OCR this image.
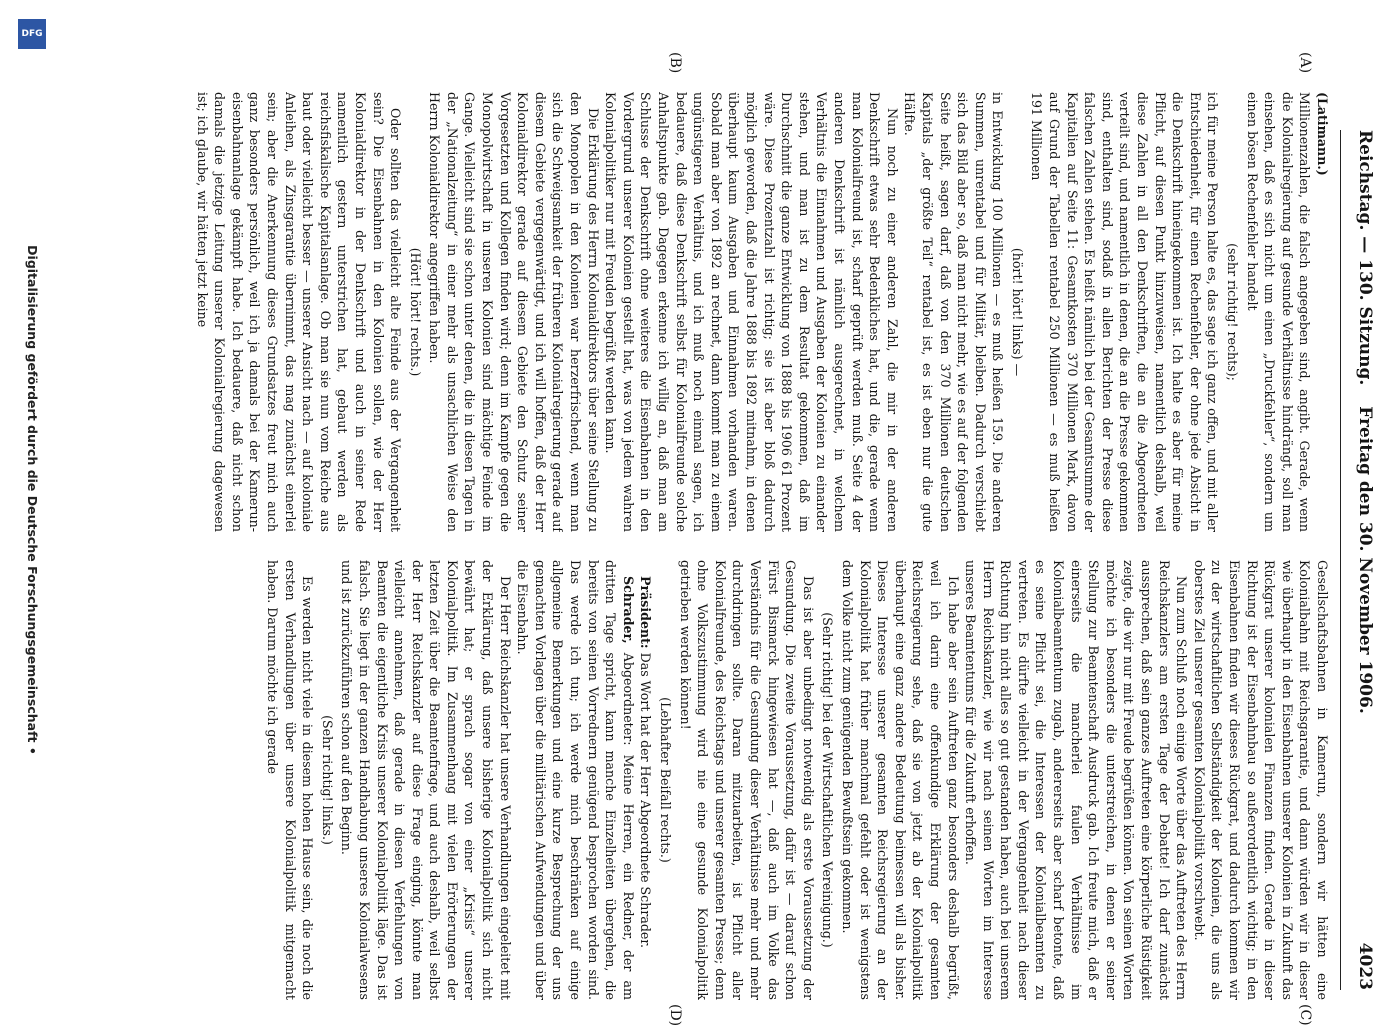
Reichstag. — 130. Sitzung.
Freitag den 30. November 1906.
4023
(A)
(B)
(C)
(D)

(Latimann.)

Millionenzahlen, die falsch angegeben sind, angibt. Gerade, wenn die Kolonialregierung auf gesunde Verhältnisse hindrängt, soll man einsehen, daß es sich nicht um einen „Druckfehler“, sondern um einen bösen Rechenfehler handelt

(sehr richtig! rechts);

ich für meine Person halte es, das sage ich ganz offen, und mit aller Entschiedenheit, für einen Rechenfehler, der ohne jede Absicht in die Denkschrift hineingekommen ist. Ich halte es aber für meine Pflicht, auf diesen Punkt hinzuweisen, namentlich deshalb, weil diese Zahlen in all den Denkschriften, die an die Abgeordneten verteilt sind, und namentlich in denen, die an die Presse gekommen sind, enthalten sind, sodaß in allen Berichten der Presse diese falschen Zahlen stehen. Es heißt nämlich bei der Gesamtsumme der Kapitalien auf Seite 11: Gesamtkosten 370 Millionen Mark, davon auf Grund der Tabellen rentabel 250 Millionen — es muß heißen 191 Millionen

(hört! hört! links) —

in Entwicklung 100 Millionen — es muß heißen 159. Die anderen Summen, unrentabel und für Militär, bleiben. Dadurch verschiebt sich das Bild aber so, daß man nicht mehr, wie es auf der folgenden Seite heißt, sagen darf, daß von den 370 Millionen deutschen Kapitals „der größte Teil“ rentabel ist, es ist eben nur die gute Hälfte.

Nun noch zu einer anderen Zahl, die mir in der anderen Denkschrift etwas sehr Bedenkliches hat, und die, gerade wenn man Kolonialfreund ist, scharf geprüft werden muß. Seite 4 der anderen Denkschrift ist nämlich ausgerechnet, in welchem Verhältnis die Einnahmen und Ausgaben der Kolonien zu einander stehen, und man ist zu dem Resultat gekommen, daß im Durchschnitt die ganze Entwicklung von 1888 bis 1906 61 Prozent wäre. Diese Prozentzahl ist richtig; sie ist aber bloß dadurch möglich geworden, daß die Jahre 1888 bis 1892 mitnahm, in denen überhaupt kaum Ausgaben und Einnahmen vorhanden waren. Sobald man aber von 1892 an rechnet, dann kommt man zu einem ungünstigeren Verhältnis, und ich muß noch einmal sagen, ich bedauere, daß diese Denkschrift selbst für Kolonialfreunde solche Anhaltspunkte gab. Dagegen erkenne ich willig an, daß man am Schlusse der Denkschrift ohne weiteres die Eisenbahnen in den Vordergrund unserer Kolonien gestellt hat, was von jedem wahren Kolonialpolitiker nur mit Freuden begrüßt werden kann.

Die Erklärung des Herrn Kolonialdirektors über seine Stellung zu den Monopolen in den Kolonien war herzerfrischend, wenn man sich die Schweigsamkeit der früheren Kolonialregierung gerade auf diesem Gebiete vergegenwärtigt, und ich will hoffen, daß der Herr Kolonialdirektor gerade auf diesem Gebiete den Schutz seiner Vorgesetzten und Kollegen finden wird; denn im Kampfe gegen die Monopolwirtschaft in unseren Kolonien sind mächtige Feinde im Gange. Vielleicht sind sie schon unter denen, die in diesen Tagen in der „Nationalzeitung“ in einer mehr als unsachlichen Weise den Herrn Kolonialdirektor angegriffen haben.

(Hört! hört! rechts.)

Oder sollten das vielleicht alte Feinde aus der Vergangenheit sein? Die Eisenbahnen in den Kolonien sollen, wie der Herr Kolonialdirektor in der Denkschrift und auch in seiner Rede namentlich gestern unterstrichen hat, gebaut werden als reichsfiskalische Kapitalsanlage. Ob man sie nun vom Reiche aus baut oder vielleicht besser — unserer Ansicht nach — auf koloniale Anleihen, als Zinsgarantie übernimmt, das mag zunächst einerlei sein; aber die Anerkennung dieses Grundsatzes freut mich auch ganz besonders persönlich, weil ich ja damals bei der Kamerun-eisenbahnanlage gekämpft habe. Ich bedauere, daß nicht schon damals die jetzige Leitung unserer Kolonialregierung dagewesen ist; ich glaube, wir hätten jetzt keine

Gesellschaftsbahnen in Kamerun, sondern wir hätten eine Kolonialbahn mit Reichsgarantie, und dann würden wir in dieser wie überhaupt in den Eisenbahnen unserer Kolonien in Zukunft das Rückgrat unserer kolonialen Finanzen finden. Gerade in dieser Richtung ist der Eisenbahnbau so außerordentlich wichtig; in den Eisenbahnen finden wir dieses Rückgrat, und dadurch kommen wir zu der wirtschaftlichen Selbständigkeit der Kolonien, die uns als oberstes Ziel unserer gesamten Kolonialpolitik vorschwebt.

Nun zum Schluß noch einige Worte über das Auftreten des Herrn Reichskanzlers am ersten Tage der Debatte! Ich darf zunächst aussprechen, daß sein ganzes Auftreten eine körperliche Rüstigkeit zeigte, die wir nur mit Freude begrüßen können. Von seinen Worten möchte ich besonders die unterstreichen, in denen er seiner Stellung zur Beamtenschaft Ausdruck gab. Ich freute mich, daß er einerseits die mancherlei faulen Verhältnisse im Kolonialbeamtentum zugab, andererseits aber scharf betonte, daß es seine Pflicht sei, die Interessen der Kolonialbeamten zu vertreten. Es dürfte vielleicht in der Vergangenheit nach dieser Richtung hin nicht alles so gut gestanden haben, auch bei unserem Herrn Reichskanzler, wie wir nach seinen Worten im Interesse unseres Beamtentums für die Zukunft erhoffen.

Ich habe aber sein Auftreten ganz besonders deshalb begrüßt, weil ich darin eine offenkundige Erklärung der gesamten Reichsregierung sehe, daß sie von jetzt ab der Kolonialpolitik überhaupt eine ganz andere Bedeutung beimessen will als bisher. Dieses Interesse unserer gesamten Reichsregierung an der Kolonialpolitik hat früher manchmal gefehlt oder ist wenigstens dem Volke nicht zum genügenden Bewußtsein gekommen.

(Sehr richtig! bei der Wirtschaftlichen Vereinigung.)

Das ist aber unbedingt notwendig als erste Voraussetzung der Gesundung. Die zweite Voraussetzung, dafür ist — darauf schon Fürst Bismarck hingewiesen hat —, daß auch im Volke das Verständnis für die Gesundung dieser Verhältnisse mehr und mehr durchdringen sollte. Daran mitzuarbeiten, ist Pflicht aller Kolonialfreunde, des Reichstags und unserer gesamten Presse; denn ohne Volkszustimmung wird nie eine gesunde Kolonialpolitik getrieben werden können!

(Lebhafter Beifall rechts.)

Präsident: Das Wort hat der Herr Abgeordnete Schrader.

Schrader, Abgeordneter: Meine Herren, ein Redner, der am dritten Tage spricht, kann manche Einzelheiten übergehen, die bereits von seinen Vorrednern genügend besprochen worden sind. Das werde ich tun; ich werde mich beschränken auf einige allgemeine Bemerkungen und eine kurze Besprechung der uns gemachten Vorlagen über die militärischen Aufwendungen und über die Eisenbahn.

Der Herr Reichskanzler hat unsere Verhandlungen eingeleitet mit der Erklärung, daß unsere bisherige Kolonialpolitik sich nicht bewährt hat; er sprach sogar von einer „Krisis“ unserer Kolonialpolitik. Im Zusammenhang mit vielen Erörterungen der letzten Zeit über die Beamtenfrage, und auch deshalb, weil selbst der Herr Reichskanzler auf diese Frage einging, könnte man vielleicht annehmen, daß gerade in diesen Verfehlungen von Beamten die eigentliche Krisis unserer Kolonialpolitik läge. Das ist falsch. Sie liegt in der ganzen Handhabung unseres Kolonialwesens und ist zurückzuführen schon auf den Beginn.

(Sehr richtig! links.)

Es werden nicht viele in diesem hohen Hause sein, die noch die ersten Verhandlungen über unsere Kolonialpolitik mitgemacht haben. Darum möchte ich gerade

Digitalisierung gefördert durch die Deutsche Forschungsgemeinschaft •
DFG
